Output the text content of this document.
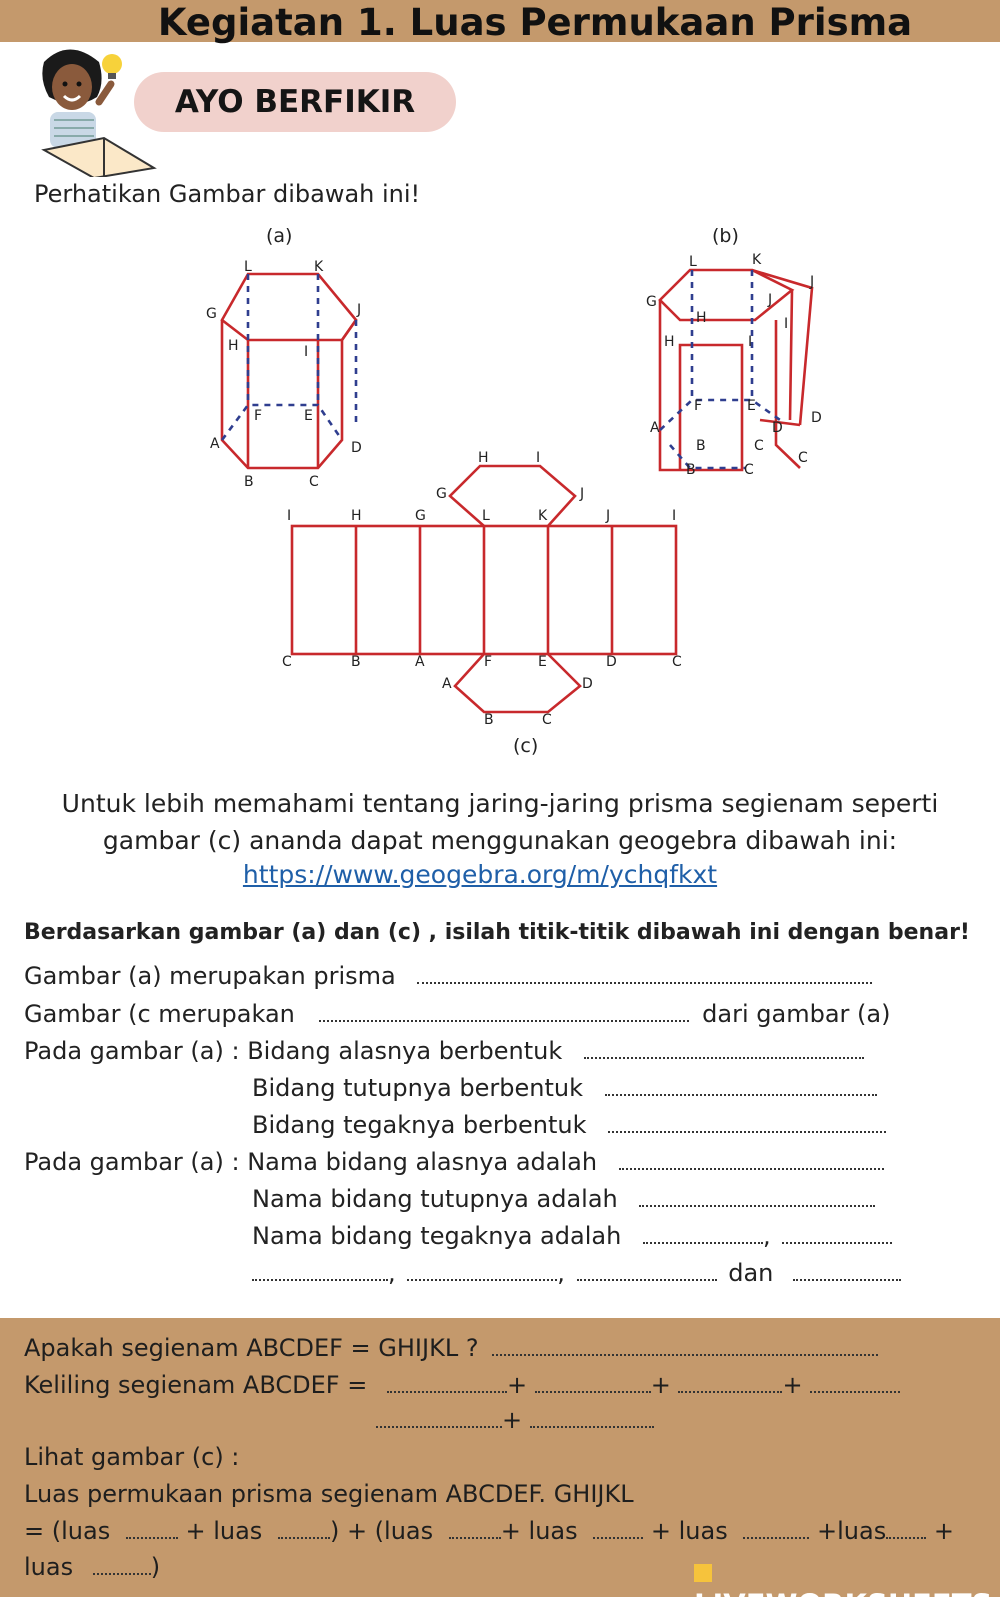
Kegiatan 1. Luas Permukaan Prisma
AYO BERFIKIR
Perhatikan Gambar dibawah ini!
L	K
G	J
H	I
F	E
A	D
B	C
L	K
J
G	J
H	I
H	I
F	E
A
D
D
B	C
B	C
C
H	I
G	J
I	H	G	L	K	J	I
C	B	A	F	E	D	C
A	D
B	C
(a)	(b)
(c)
Untuk lebih memahami tentang jaring-jaring prisma segienam seperti gambar (c) ananda dapat menggunakan geogebra dibawah ini:
https://www.geogebra.org/m/ychqfkxt
Berdasarkan gambar (a) dan (c) , isilah titik-titik dibawah ini dengan benar!
Gambar (a) merupakan prisma
Gambar (c merupakan	dari gambar (a)
Pada gambar (a) : Bidang alasnya berbentuk
Bidang tutupnya berbentuk
Bidang tegaknya berbentuk
Pada gambar (a) : Nama bidang alasnya adalah
Nama bidang tutupnya adalah
Nama bidang tegaknya adalah	,
,	,	dan
Apakah segienam ABCDEF = GHIJKL ?
Keliling segienam ABCDEF =	+	+	+
+
Lihat gambar (c) :
Luas permukaan prisma segienam ABCDEF. GHIJKL
= (luas	+ luas	) + (luas	+ luas	+ luas	+luas +
luas	)
LIVEWORKSHEETS
